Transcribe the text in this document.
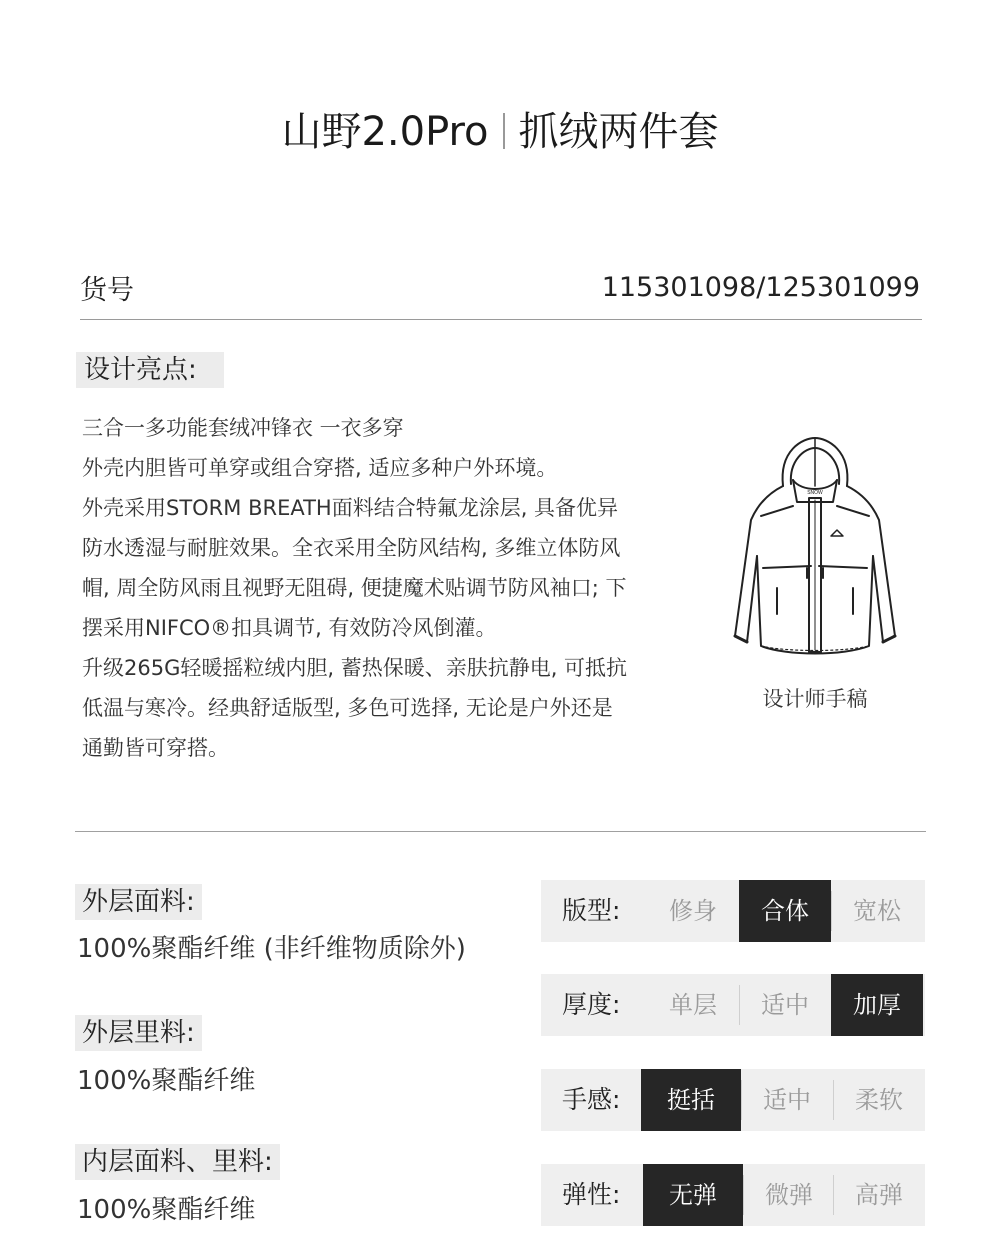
山野2.0Pro 抓绒两件套
货号	115301098/125301099
设计亮点:

三合一多功能套绒冲锋衣 一衣多穿

外壳内胆皆可单穿或组合穿搭, 适应多种户外环境。

外壳采用STORM BREATH面料结合特氟龙涂层, 具备优异

防水透湿与耐脏效果。全衣采用全防风结构, 多维立体防风

帽, 周全防风雨且视野无阻碍, 便捷魔术贴调节防风袖口; 下

摆采用NIFCO®扣具调节, 有效防冷风倒灌。

升级265G轻暖摇粒绒内胆, 蓄热保暖、亲肤抗静电, 可抵抗

低温与寒冷。经典舒适版型, 多色可选择, 无论是户外还是

通勤皆可穿搭。

SNOW
设计师手稿
外层面料:
100%聚酯纤维 (非纤维物质除外)
外层里料:
100%聚酯纤维
内层面料、里料:
100%聚酯纤维
版型:	修身	合体	宽松
厚度:	单层	适中	加厚
手感:	挺括	适中	柔软
弹性:	无弹	微弹	高弹
